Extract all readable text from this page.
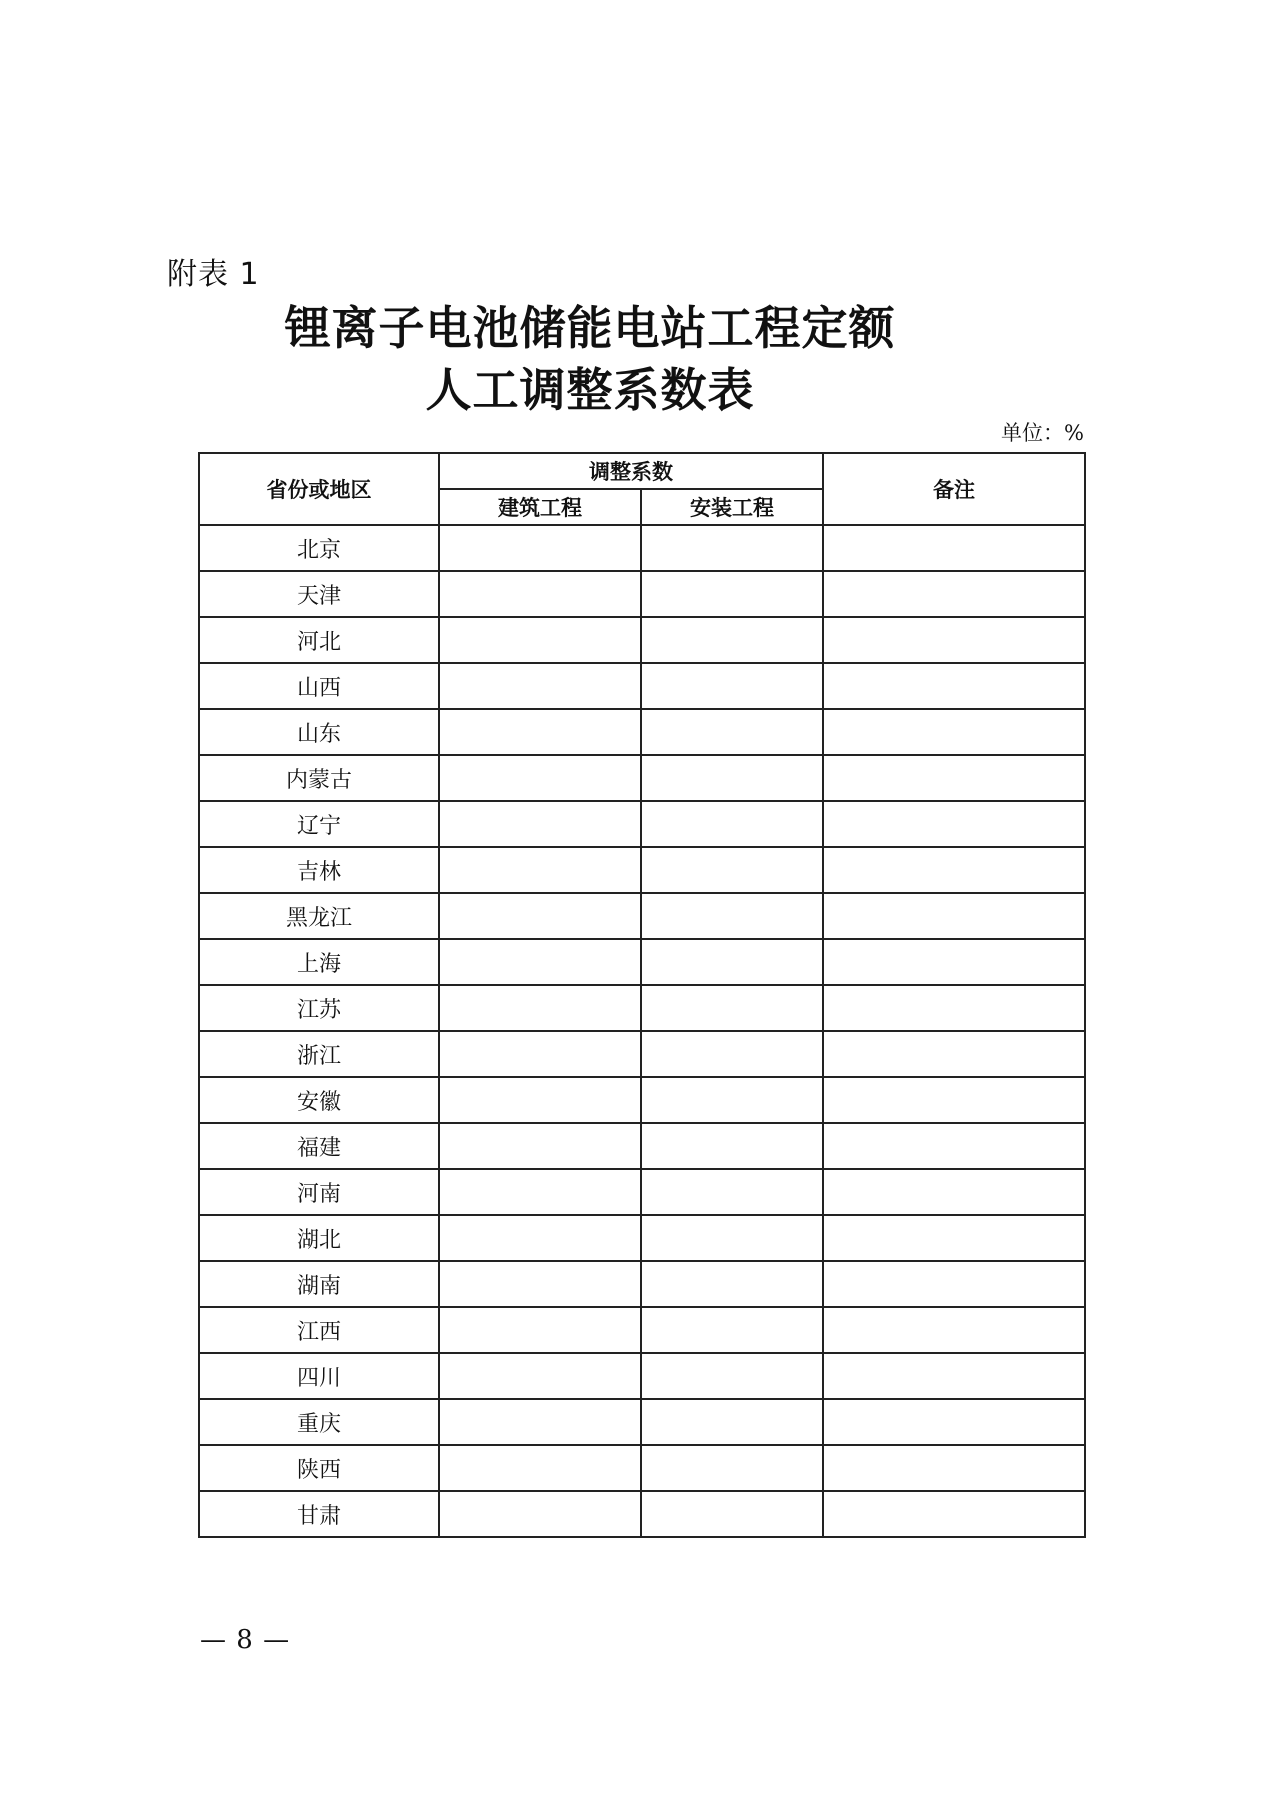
附表 1
锂离子电池储能电站工程定额
人工调整系数表
单位：%
省份或地区	调整系数		备注
	建筑工程	安装工程	
北京			
天津			
河北			
山西			
山东			
内蒙古			
辽宁			
吉林			
黑龙江			
上海			
江苏			
浙江			
安徽			
福建			
河南			
湖北			
湖南			
江西			
四川			
重庆			
陕西			
甘肃			
— 8 —
